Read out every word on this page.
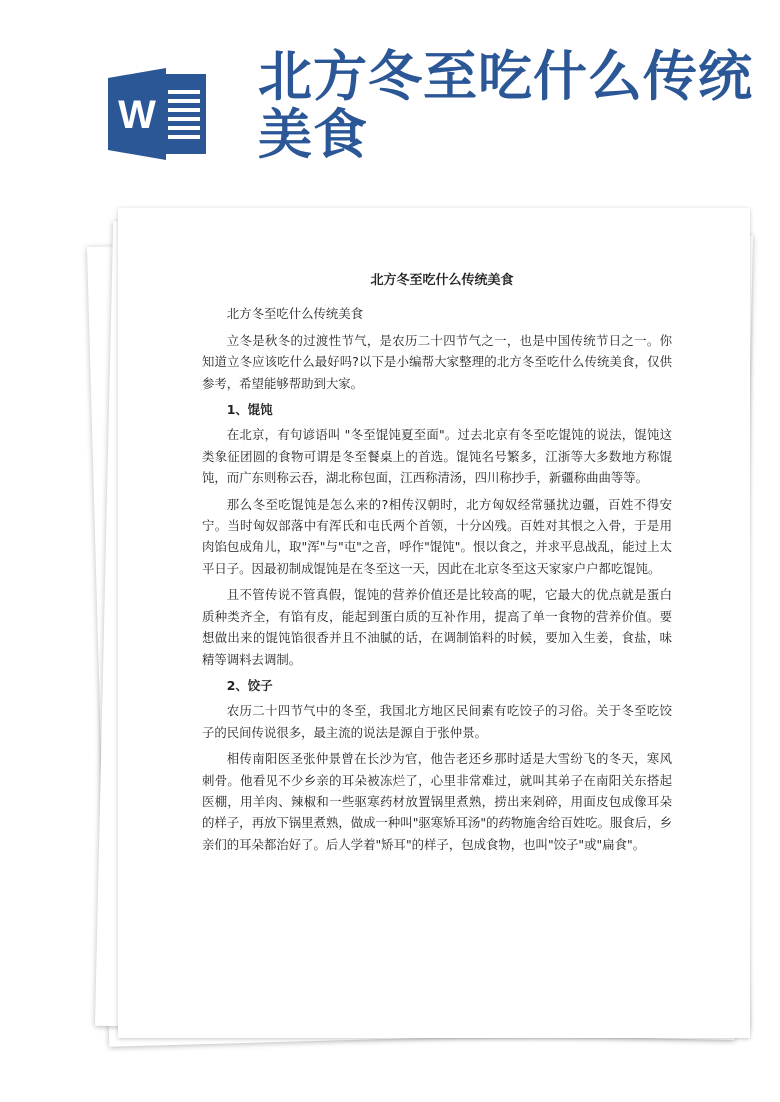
W
北方冬至吃什么传统美食
北方冬至吃什么传统美食
北方冬至吃什么传统美食
立冬是秋冬的过渡性节气，是农历二十四节气之一，也是中国传统节日之一。你知道立冬应该吃什么最好吗?以下是小编帮大家整理的北方冬至吃什么传统美食，仅供参考，希望能够帮助到大家。
1、馄饨
在北京，有句谚语叫 "冬至馄饨夏至面"。过去北京有冬至吃馄饨的说法，馄饨这类象征团圆的食物可谓是冬至餐桌上的首选。馄饨名号繁多，江浙等大多数地方称馄饨，而广东则称云吞，湖北称包面，江西称清汤，四川称抄手，新疆称曲曲等等。
那么冬至吃馄饨是怎么来的?相传汉朝时，北方匈奴经常骚扰边疆，百姓不得安宁。当时匈奴部落中有浑氏和屯氏两个首领，十分凶残。百姓对其恨之入骨，于是用肉馅包成角儿，取"浑"与"屯"之音，呼作"馄饨"。恨以食之，并求平息战乱，能过上太平日子。因最初制成馄饨是在冬至这一天，因此在北京冬至这天家家户户都吃馄饨。
且不管传说不管真假，馄饨的营养价值还是比较高的呢，它最大的优点就是蛋白质种类齐全，有馅有皮，能起到蛋白质的互补作用，提高了单一食物的营养价值。要想做出来的馄饨馅很香并且不油腻的话，在调制馅料的时候，要加入生姜，食盐，味精等调料去调制。
2、饺子
农历二十四节气中的冬至，我国北方地区民间素有吃饺子的习俗。关于冬至吃饺子的民间传说很多，最主流的说法是源自于张仲景。
相传南阳医圣张仲景曾在长沙为官，他告老还乡那时适是大雪纷飞的冬天，寒风刺骨。他看见不少乡亲的耳朵被冻烂了，心里非常难过，就叫其弟子在南阳关东搭起医棚，用羊肉、辣椒和一些驱寒药材放置锅里煮熟，捞出来剁碎，用面皮包成像耳朵的样子，再放下锅里煮熟，做成一种叫"驱寒矫耳汤"的药物施舍给百姓吃。服食后，乡亲们的耳朵都治好了。后人学着"矫耳"的样子，包成食物，也叫"饺子"或"扁食"。
